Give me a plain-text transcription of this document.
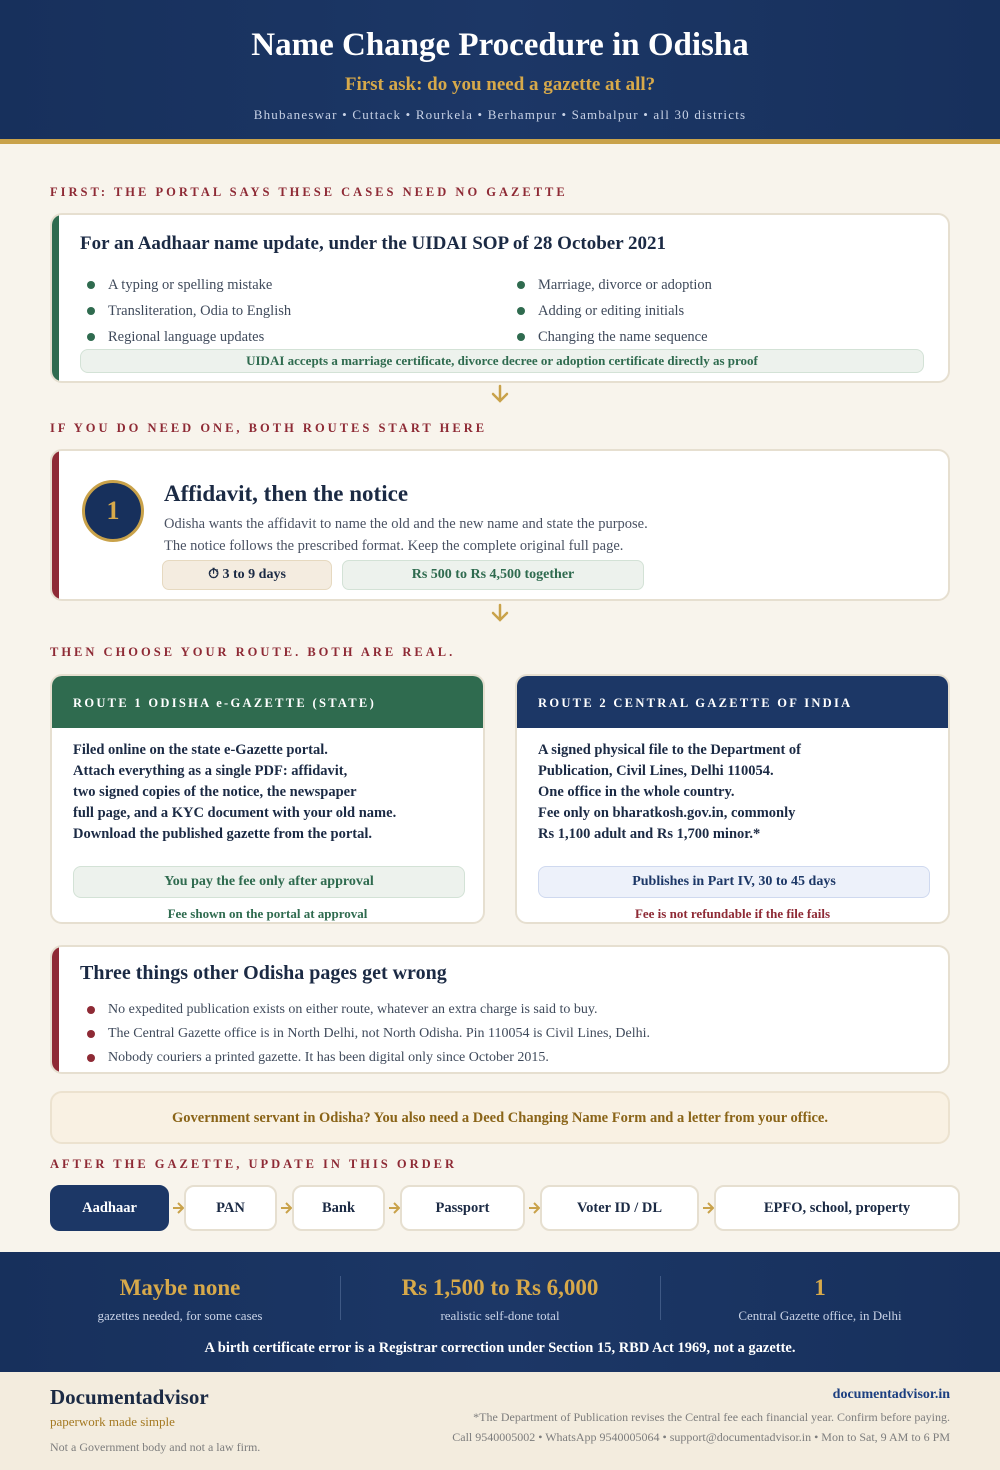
Name Change Procedure in Odisha
First ask: do you need a gazette at all?
Bhubaneswar • Cuttack • Rourkela • Berhampur • Sambalpur • all 30 districts
FIRST: THE PORTAL SAYS THESE CASES NEED NO GAZETTE
For an Aadhaar name update, under the UIDAI SOP of 28 October 2021
A typing or spelling mistake
Transliteration, Odia to English
Regional language updates
Marriage, divorce or adoption
Adding or editing initials
Changing the name sequence
UIDAI accepts a marriage certificate, divorce decree or adoption certificate directly as proof
IF YOU DO NEED ONE, BOTH ROUTES START HERE
1
Affidavit, then the notice
Odisha wants the affidavit to name the old and the new name and state the purpose.
The notice follows the prescribed format. Keep the complete original full page.
⏱ 3 to 9 days	Rs 500 to Rs 4,500 together
THEN CHOOSE YOUR ROUTE. BOTH ARE REAL.
ROUTE 1 ODISHA e-GAZETTE (STATE)
Filed online on the state e-Gazette portal.
Attach everything as a single PDF: affidavit,
two signed copies of the notice, the newspaper
full page, and a KYC document with your old name.
Download the published gazette from the portal.
You pay the fee only after approval
Fee shown on the portal at approval
ROUTE 2 CENTRAL GAZETTE OF INDIA
A signed physical file to the Department of
Publication, Civil Lines, Delhi 110054.
One office in the whole country.
Fee only on bharatkosh.gov.in, commonly
Rs 1,100 adult and Rs 1,700 minor.*
Publishes in Part IV, 30 to 45 days
Fee is not refundable if the file fails
Three things other Odisha pages get wrong
No expedited publication exists on either route, whatever an extra charge is said to buy.
The Central Gazette office is in North Delhi, not North Odisha. Pin 110054 is Civil Lines, Delhi.
Nobody couriers a printed gazette. It has been digital only since October 2015.
Government servant in Odisha? You also need a Deed Changing Name Form and a letter from your office.
AFTER THE GAZETTE, UPDATE IN THIS ORDER
Aadhaar	PAN	Bank	Passport	Voter ID / DL	EPFO, school, property
Maybe none
gazettes needed, for some cases
Rs 1,500 to Rs 6,000
realistic self-done total
1
Central Gazette office, in Delhi
A birth certificate error is a Registrar correction under Section 15, RBD Act 1969, not a gazette.
Documentadvisor
paperwork made simple
Not a Government body and not a law firm.
documentadvisor.in
*The Department of Publication revises the Central fee each financial year. Confirm before paying.
Call 9540005002 • WhatsApp 9540005064 • support@documentadvisor.in • Mon to Sat, 9 AM to 6 PM
